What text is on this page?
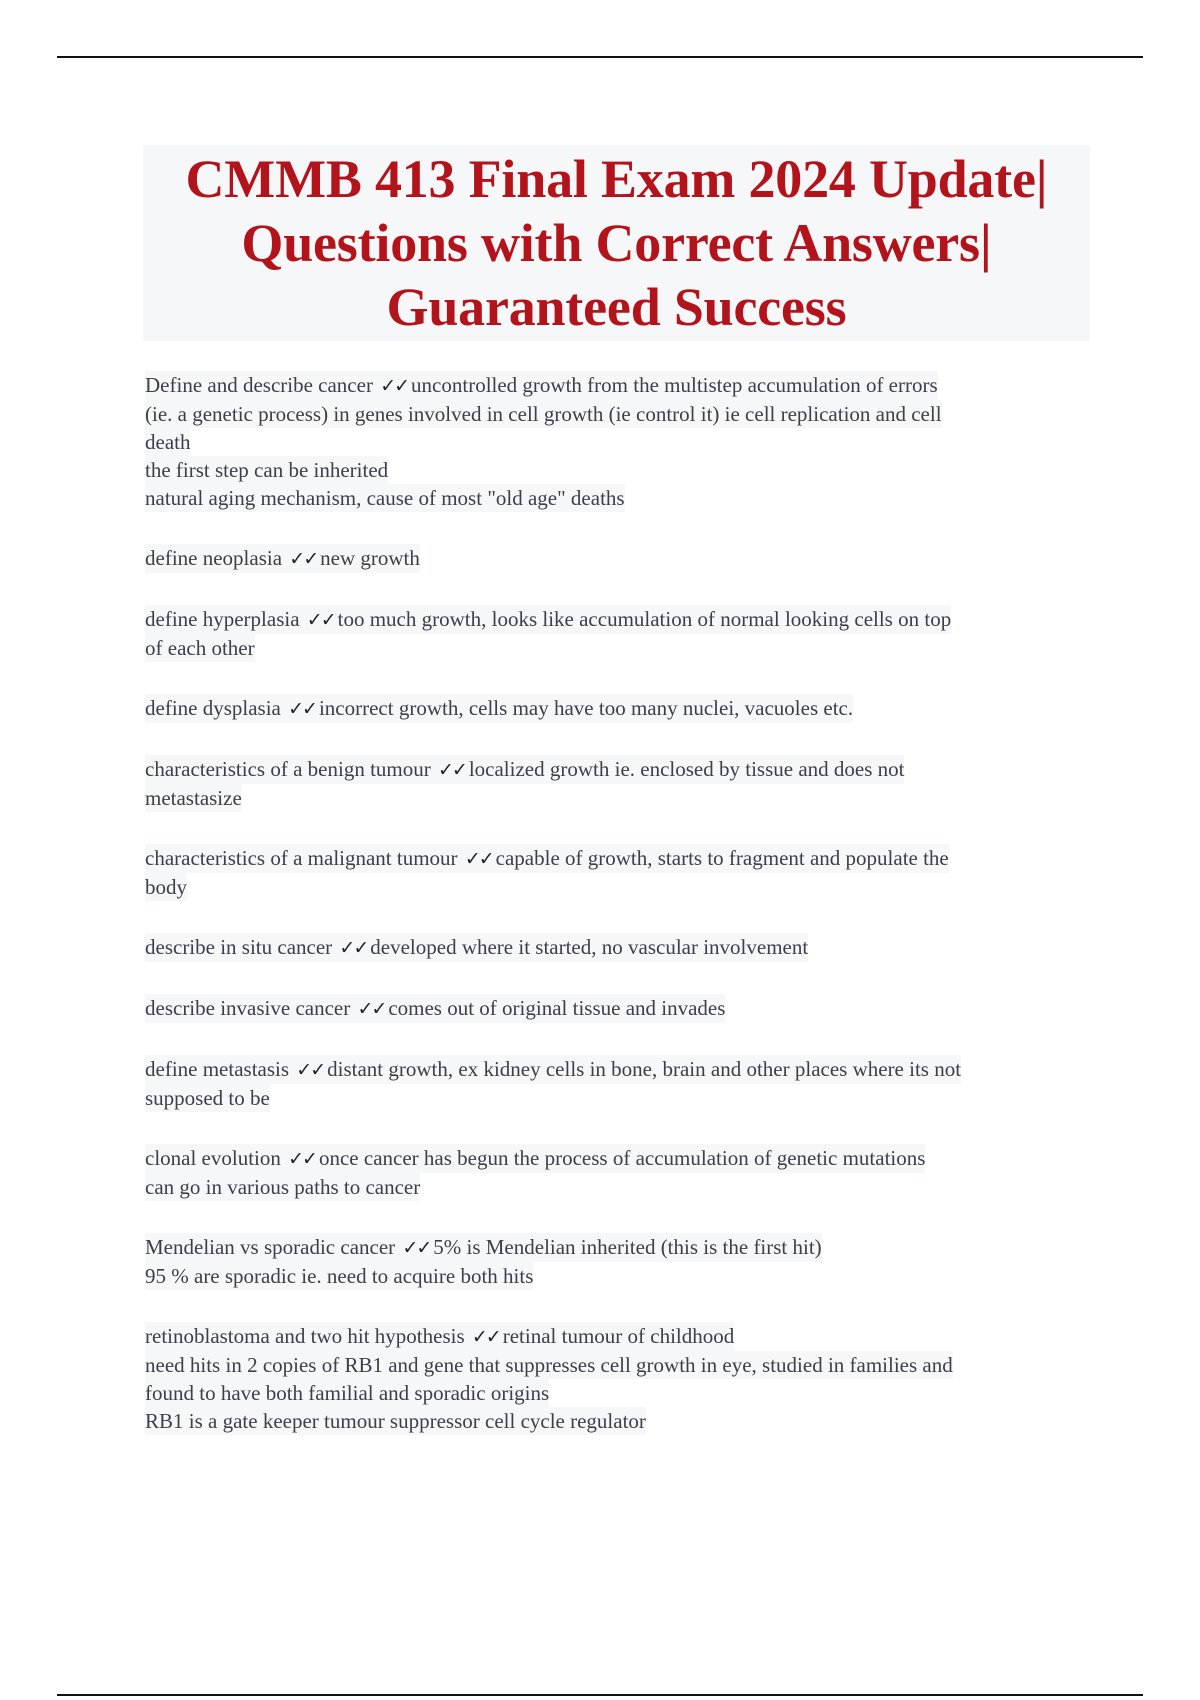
CMMB 413 Final Exam 2024 Update|
Questions with Correct Answers|
Guaranteed Success
Define and describe cancer ✓✓ uncontrolled growth from the multistep accumulation of errors
(ie. a genetic process) in genes involved in cell growth (ie control it) ie cell replication and cell
death
the first step can be inherited
natural aging mechanism, cause of most "old age" deaths
define neoplasia ✓✓ new growth
define hyperplasia ✓✓ too much growth, looks like accumulation of normal looking cells on top
of each other
define dysplasia ✓✓ incorrect growth, cells may have too many nuclei, vacuoles etc.
characteristics of a benign tumour ✓✓ localized growth ie. enclosed by tissue and does not
metastasize
characteristics of a malignant tumour ✓✓ capable of growth, starts to fragment and populate the
body
describe in situ cancer ✓✓ developed where it started, no vascular involvement
describe invasive cancer ✓✓ comes out of original tissue and invades
define metastasis ✓✓ distant growth, ex kidney cells in bone, brain and other places where its not
supposed to be
clonal evolution ✓✓ once cancer has begun the process of accumulation of genetic mutations
can go in various paths to cancer
Mendelian vs sporadic cancer ✓✓ 5% is Mendelian inherited (this is the first hit)
95 % are sporadic ie. need to acquire both hits
retinoblastoma and two hit hypothesis ✓✓ retinal tumour of childhood
need hits in 2 copies of RB1 and gene that suppresses cell growth in eye, studied in families and
found to have both familial and sporadic origins
RB1 is a gate keeper tumour suppressor cell cycle regulator
